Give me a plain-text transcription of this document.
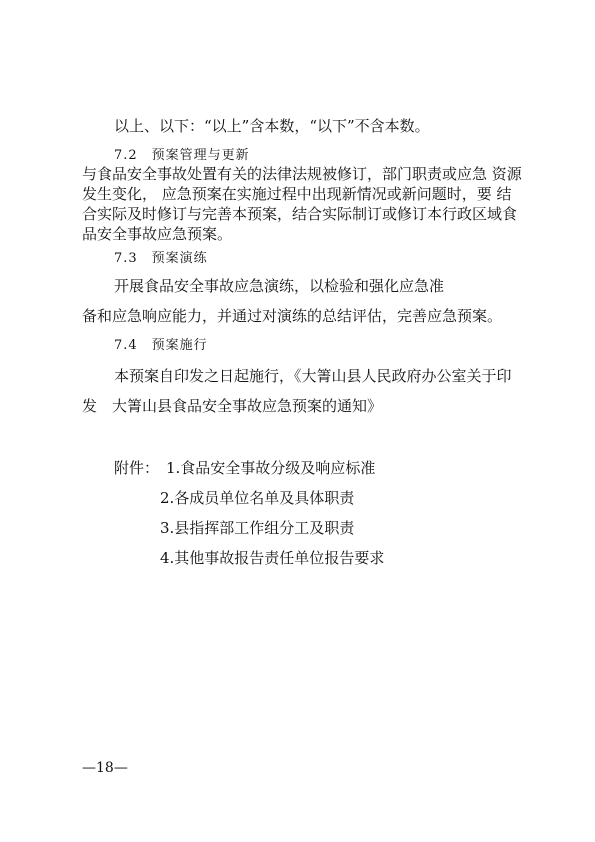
以上、以下：“以上”含本数，“以下”不含本数。
7.2　预案管理与更新
与食品安全事故处置有关的法律法规被修订，部门职责或应急 资源
发生变化， 应急预案在实施过程中出现新情况或新问题时，要 结
合实际及时修订与完善本预案，结合实际制订或修订本行政区域食
品安全事故应急预案。
7.3　预案演练
开展食品安全事故应急演练，以检验和强化应急准
备和应急响应能力，并通过对演练的总结评估，完善应急预案。
7.4　预案施行
本预案自印发之日起施行，《大箐山县人民政府办公室关于印
发　大箐山县食品安全事故应急预案的通知》
附件： 1.食品安全事故分级及响应标准
2.各成员单位名单及具体职责
3.县指挥部工作组分工及职责
4.其他事故报告责任单位报告要求
—18—
